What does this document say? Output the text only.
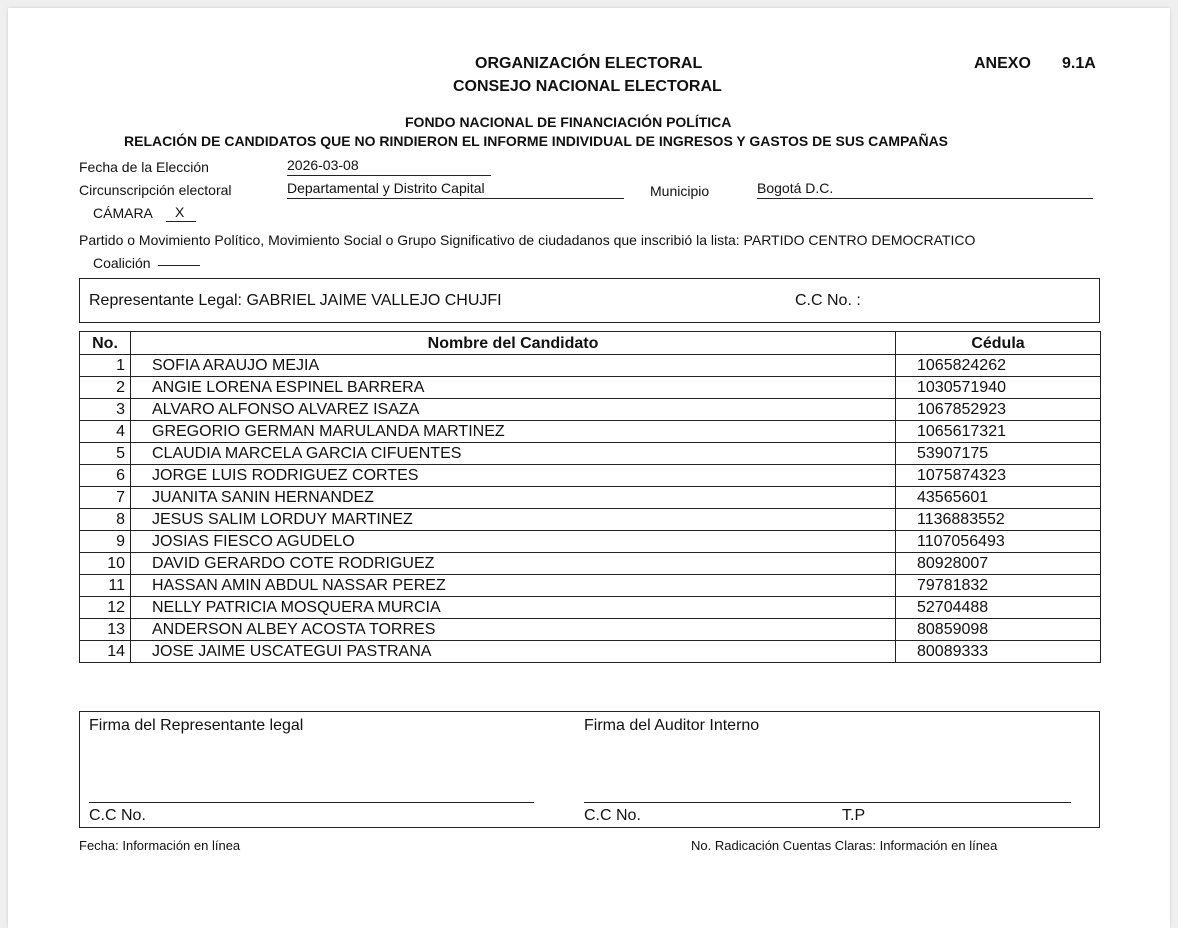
ORGANIZACIÓN ELECTORAL
CONSEJO NACIONAL ELECTORAL
ANEXO 9.1A
FONDO NACIONAL DE FINANCIACIÓN POLÍTICA
RELACIÓN DE CANDIDATOS QUE NO RINDIERON EL INFORME INDIVIDUAL DE INGRESOS Y GASTOS DE SUS CAMPAÑAS
Fecha de la Elección	2026-03-08
Circunscripción electoral	Departamental y Distrito Capital	Municipio	Bogotá D.C.
CÁMARA X
Partido o Movimiento Político, Movimiento Social o Grupo Significativo de ciudadanos que inscribió la lista: PARTIDO CENTRO DEMOCRATICO
Coalición
Representante Legal: GABRIEL JAIME VALLEJO CHUJFI	C.C No. :
No.	Nombre del Candidato	Cédula
1	SOFIA ARAUJO MEJIA	1065824262
2	ANGIE LORENA ESPINEL BARRERA	1030571940
3	ALVARO ALFONSO ALVAREZ ISAZA	1067852923
4	GREGORIO GERMAN MARULANDA MARTINEZ	1065617321
5	CLAUDIA MARCELA GARCIA CIFUENTES	53907175
6	JORGE LUIS RODRIGUEZ CORTES	1075874323
7	JUANITA SANIN HERNANDEZ	43565601
8	JESUS SALIM LORDUY MARTINEZ	1136883552
9	JOSIAS FIESCO AGUDELO	1107056493
10	DAVID GERARDO COTE RODRIGUEZ	80928007
11	HASSAN AMIN ABDUL NASSAR PEREZ	79781832
12	NELLY PATRICIA MOSQUERA MURCIA	52704488
13	ANDERSON ALBEY ACOSTA TORRES	80859098
14	JOSE JAIME USCATEGUI PASTRANA	80089333
Firma del Representante legal	Firma del Auditor Interno
C.C No.	C.C No.	T.P
Fecha: Información en línea	No. Radicación Cuentas Claras: Información en línea
